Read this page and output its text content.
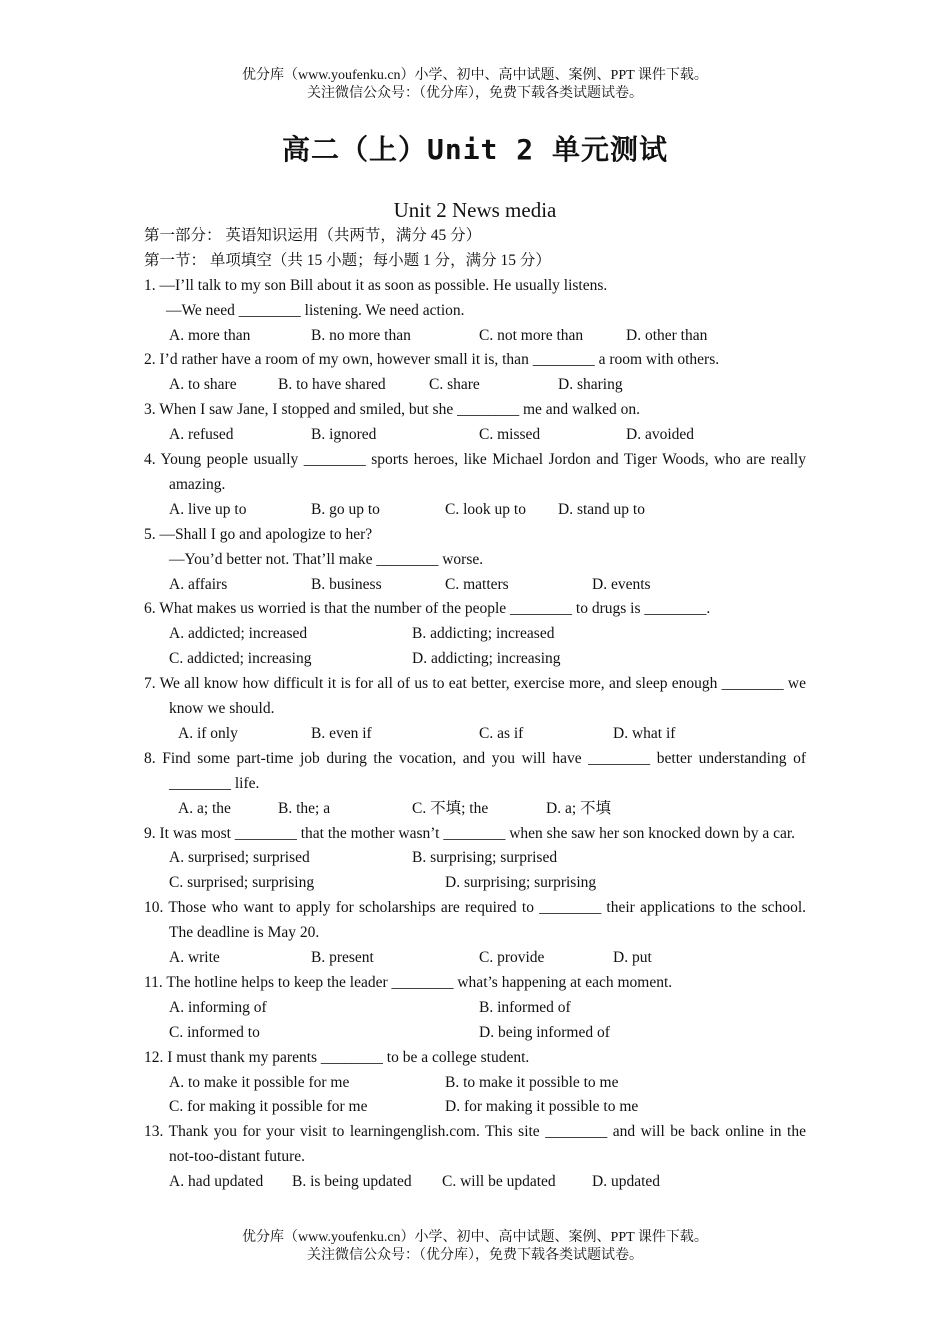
优分库（www.youfenku.cn）小学、初中、高中试题、案例、PPT 课件下载。
关注微信公众号：（优分库），免费下载各类试题试卷。
高二（上）Unit 2 单元测试
Unit 2 News media
第一部分： 英语知识运用（共两节，满分 45 分）
第一节： 单项填空（共 15 小题；每小题 1 分，满分 15 分）
1. —I’ll talk to my son Bill about it as soon as possible. He usually listens.
—We need ________ listening. We need action.
A. more than	B. no more than	C. not more than	D. other than
2. I’d rather have a room of my own, however small it is, than ________ a room with others.
A. to share	B. to have shared	C. share	D. sharing
3. When I saw Jane, I stopped and smiled, but she ________ me and walked on.
A. refused	B. ignored	C. missed	D. avoided
4. Young people usually ________ sports heroes, like Michael Jordon and Tiger Woods, who are really amazing.
A. live up to	B. go up to	C. look up to D. stand up to
5. —Shall I go and apologize to her?
—You’d better not. That’ll make ________ worse.
A. affairs	B. business	C. matters	D. events
6. What makes us worried is that the number of the people ________ to drugs is ________.
A. addicted; increased	B. addicting; increased
C. addicted; increasing	D. addicting; increasing
7. We all know how difficult it is for all of us to eat better, exercise more, and sleep enough ________ we know we should.
A. if only	B. even if	C. as if	D. what if
8. Find some part-time job during the vocation, and you will have ________ better understanding of ________ life.
A. a; the	B. the; a	C. 不填; the	D. a; 不填
9. It was most ________ that the mother wasn’t ________ when she saw her son knocked down by a car.
A. surprised; surprised	B. surprising; surprised
C. surprised; surprising	D. surprising; surprising
10. Those who want to apply for scholarships are required to ________ their applications to the school. The deadline is May 20.
A. write	B. present	C. provide	D. put
11. The hotline helps to keep the leader ________ what’s happening at each moment.
A. informing of	B. informed of
C. informed to	D. being informed of
12. I must thank my parents ________ to be a college student.
A. to make it possible for me	B. to make it possible to me
C. for making it possible for me	D. for making it possible to me
13. Thank you for your visit to learningenglish.com. This site ________ and will be back online in the not-too-distant future.
A. had updated B. is being updated C. will be updated D. updated
优分库（www.youfenku.cn）小学、初中、高中试题、案例、PPT 课件下载。
关注微信公众号：（优分库），免费下载各类试题试卷。
